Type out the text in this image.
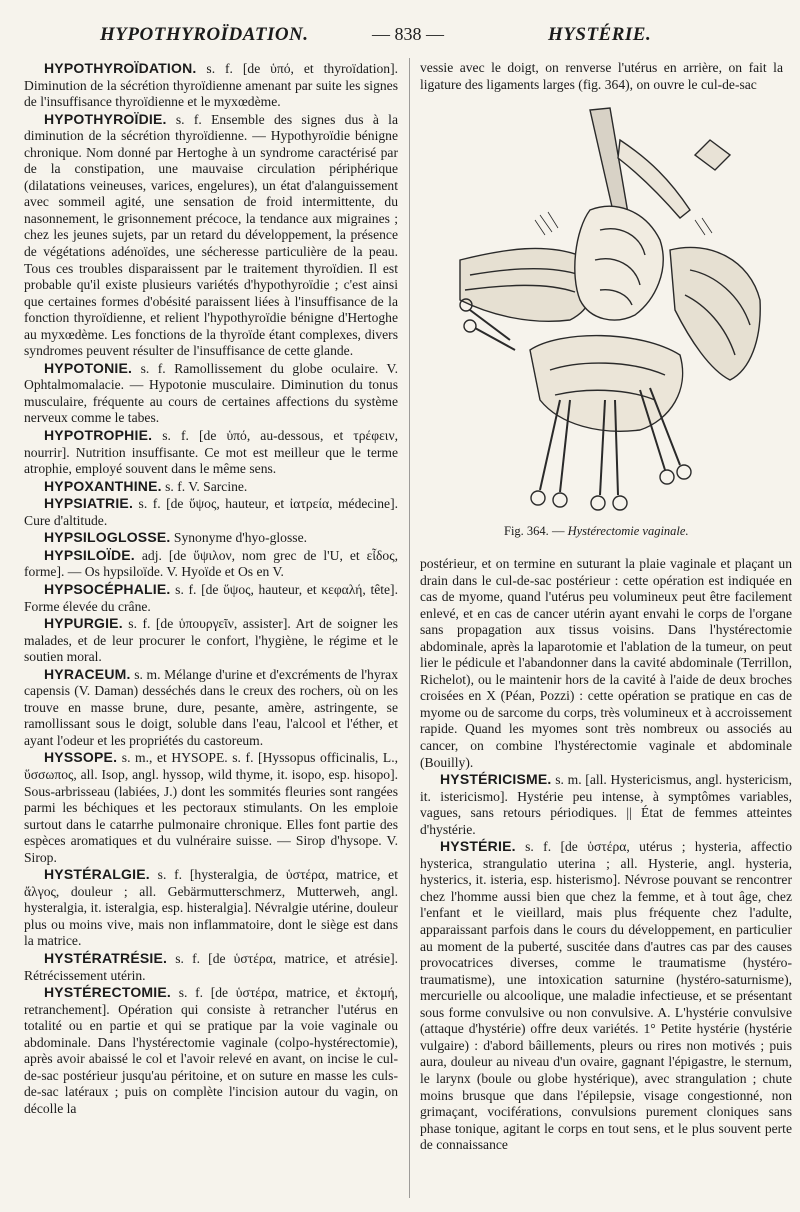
HYPOTHYROÏDATION.	— 838 —	HYSTÉRIE.

HYPOTHYROÏDATION. s. f. [de ὑπό, et thyroïdation]. Diminution de la sécrétion thyroïdienne amenant par suite les signes de l'insuffisance thyroïdienne et le myxœdème.

HYPOTHYROÏDIE. s. f. Ensemble des signes dus à la diminution de la sécrétion thyroïdienne. — Hypothyroïdie bénigne chronique. Nom donné par Hertoghe à un syndrome caractérisé par de la constipation, une mauvaise circulation périphérique (dilatations veineuses, varices, engelures), un état d'alanguissement avec sommeil agité, une sensation de froid intermittente, du nasonnement, le grisonnement précoce, la tendance aux migraines ; chez les jeunes sujets, par un retard du développement, la présence de végétations adénoïdes, une sécheresse particulière de la peau. Tous ces troubles disparaissent par le traitement thyroïdien. Il est probable qu'il existe plusieurs variétés d'hypothyroïdie ; c'est ainsi que certaines formes d'obésité paraissent liées à l'insuffisance de la fonction thyroïdienne, et relient l'hypothyroïdie bénigne d'Hertoghe au myxœdème. Les fonctions de la thyroïde étant complexes, divers syndromes peuvent résulter de l'insuffisance de cette glande.

HYPOTONIE. s. f. Ramollissement du globe oculaire. V. Ophtalmomalacie. — Hypotonie musculaire. Diminution du tonus musculaire, fréquente au cours de certaines affections du système nerveux comme le tabes.

HYPOTROPHIE. s. f. [de ὑπό, au-dessous, et τρέφειν, nourrir]. Nutrition insuffisante. Ce mot est meilleur que le terme atrophie, employé souvent dans le même sens.

HYPOXANTHINE. s. f. V. Sarcine.

HYPSIATRIE. s. f. [de ὕψος, hauteur, et ἰατρεία, médecine]. Cure d'altitude.

HYPSILOGLOSSE. Synonyme d'hyo-glosse.

HYPSILOÏDE. adj. [de ὕψιλον, nom grec de l'U, et εἶδος, forme]. — Os hypsiloïde. V. Hyoïde et Os en V.

HYPSOCÉPHALIE. s. f. [de ὕψος, hauteur, et κεφαλή, tête]. Forme élevée du crâne.

HYPURGIE. s. f. [de ὑπουργεῖν, assister]. Art de soigner les malades, et de leur procurer le confort, l'hygiène, le régime et le soutien moral.

HYRACEUM. s. m. Mélange d'urine et d'excréments de l'hyrax capensis (V. Daman) desséchés dans le creux des rochers, où on les trouve en masse brune, dure, pesante, amère, astringente, se ramollissant sous le doigt, soluble dans l'eau, l'alcool et l'éther, et ayant l'odeur et les propriétés du castoreum.

HYSSOPE. s. m., et HYSOPE. s. f. [Hyssopus officinalis, L., ὕσσωπος, all. Isop, angl. hyssop, wild thyme, it. isopo, esp. hisopo]. Sous-arbrisseau (labiées, J.) dont les sommités fleuries sont rangées parmi les béchiques et les pectoraux stimulants. On les emploie surtout dans le catarrhe pulmonaire chronique. Elles font partie des espèces aromatiques et du vulnéraire suisse. — Sirop d'hysope. V. Sirop.

HYSTÉRALGIE. s. f. [hysteralgia, de ὑστέρα, matrice, et ἄλγος, douleur ; all. Gebärmutterschmerz, Mutterweh, angl. hysteralgia, it. isteralgia, esp. histeralgia]. Névralgie utérine, douleur plus ou moins vive, mais non inflammatoire, dont le siège est dans la matrice.

HYSTÉRATRÉSIE. s. f. [de ὑστέρα, matrice, et atrésie]. Rétrécissement utérin.

HYSTÉRECTOMIE. s. f. [de ὑστέρα, matrice, et ἐκτομή, retranchement]. Opération qui consiste à retrancher l'utérus en totalité ou en partie et qui se pratique par la voie vaginale ou abdominale. Dans l'hystérectomie vaginale (colpo-hystérectomie), après avoir abaissé le col et l'avoir relevé en avant, on incise le cul-de-sac postérieur jusqu'au péritoine, et on suture en masse les culs-de-sac latéraux ; puis on complète l'incision autour du vagin, on décolle la

vessie avec le doigt, on renverse l'utérus en arrière, on fait la ligature des ligaments larges (fig. 364), on ouvre le cul-de-sac

Fig. 364. — Hystérectomie vaginale.

postérieur, et on termine en suturant la plaie vaginale et plaçant un drain dans le cul-de-sac postérieur : cette opération est indiquée en cas de myome, quand l'utérus peu volumineux peut être facilement enlevé, et en cas de cancer utérin ayant envahi le corps de l'organe sans propagation aux tissus voisins. Dans l'hystérectomie abdominale, après la laparotomie et l'ablation de la tumeur, on peut lier le pédicule et l'abandonner dans la cavité abdominale (Terrillon, Richelot), ou le maintenir hors de la cavité à l'aide de deux broches croisées en X (Péan, Pozzi) : cette opération se pratique en cas de myome ou de sarcome du corps, très volumineux et à accroissement rapide. Quand les myomes sont très nombreux ou associés au cancer, on combine l'hystérectomie vaginale et abdominale (Bouilly).

HYSTÉRICISME. s. m. [all. Hystericismus, angl. hystericism, it. istericismo]. Hystérie peu intense, à symptômes variables, vagues, sans retours périodiques. || État de femmes atteintes d'hystérie.

HYSTÉRIE. s. f. [de ὑστέρα, utérus ; hysteria, affectio hysterica, strangulatio uterina ; all. Hysterie, angl. hysteria, hysterics, it. isteria, esp. histerismo]. Névrose pouvant se rencontrer chez l'homme aussi bien que chez la femme, et à tout âge, chez l'enfant et le vieillard, mais plus fréquente chez l'adulte, apparaissant parfois dans le cours du développement, en particulier au moment de la puberté, suscitée dans d'autres cas par des causes provocatrices diverses, comme le traumatisme (hystéro-traumatisme), une intoxication saturnine (hystéro-saturnisme), mercurielle ou alcoolique, une maladie infectieuse, et se présentant sous forme convulsive ou non convulsive. A. L'hystérie convulsive (attaque d'hystérie) offre deux variétés. 1° Petite hystérie (hystérie vulgaire) : d'abord bâillements, pleurs ou rires non motivés ; puis aura, douleur au niveau d'un ovaire, gagnant l'épigastre, le sternum, le larynx (boule ou globe hystérique), avec strangulation ; chute moins brusque que dans l'épilepsie, visage congestionné, non grimaçant, vociférations, convulsions purement cloniques sans phase tonique, agitant le corps en tout sens, et le plus souvent perte de connaissance
